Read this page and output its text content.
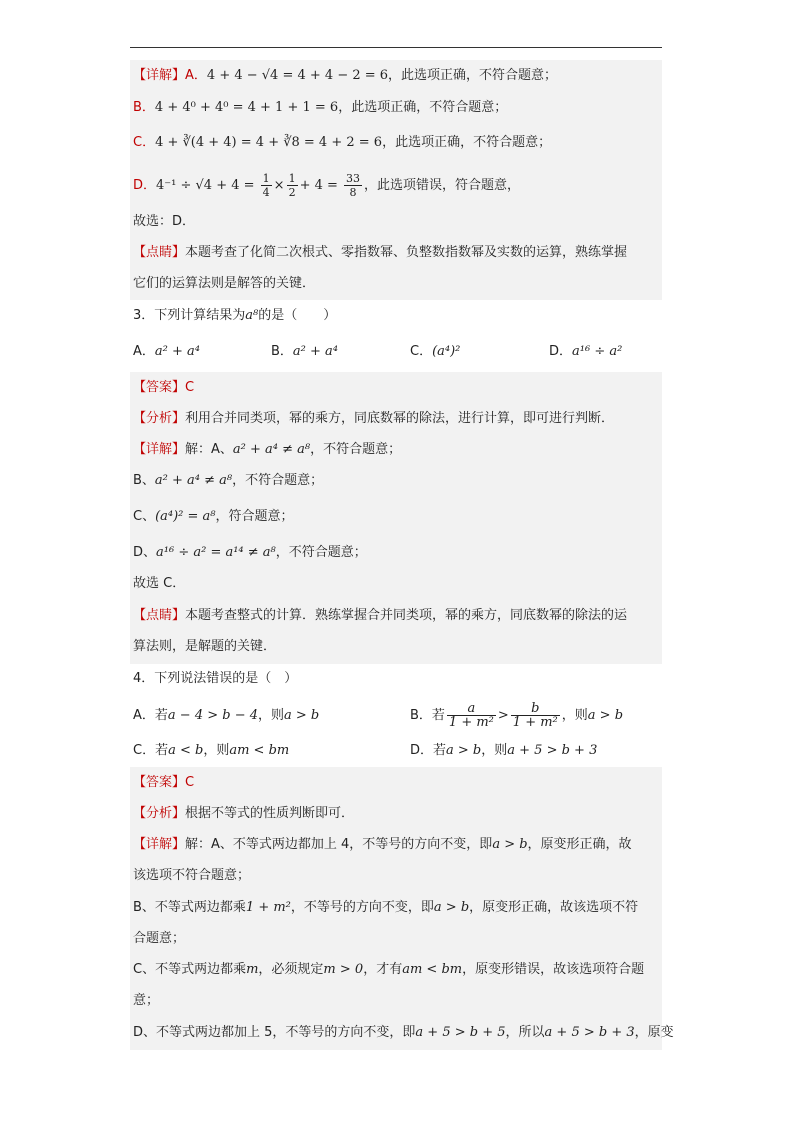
【详解】A．4 + 4 − √4 = 4 + 4 − 2 = 6，此选项正确，不符合题意；
B．4 + 4⁰ + 4⁰ = 4 + 1 + 1 = 6，此选项正确，不符合题意；
C．4 + ∛(4 + 4) = 4 + ∛8 = 4 + 2 = 6，此选项正确，不符合题意；
D．$4^{-1} \div √4 + 4 = \frac{1}{4} \times \frac{1}{2} + 4 = \frac{33}{8}$ ，此选项错误，符合题意，
故选：D．
【点睛】本题考查了化简二次根式、零指数幂、负整数指数幂及实数的运算，熟练掌握
它们的运算法则是解答的关键．
3．下列计算结果为a⁸的是（　　）
A．a² + a⁴	B．a² + a⁴	C．(a⁴)²	D．a¹⁶ ÷ a²
【答案】C
【分析】利用合并同类项，幂的乘方，同底数幂的除法，进行计算，即可进行判断．
【详解】解：A、a² + a⁴ ≠ a⁸，不符合题意；
B、a² + a⁴ ≠ a⁸，不符合题意；
C、(a⁴)² = a⁸，符合题意；
D、a¹⁶ ÷ a² = a¹⁴ ≠ a⁸，不符合题意；
故选 C．
【点睛】本题考查整式的计算．熟练掌握合并同类项，幂的乘方，同底数幂的除法的运
算法则，是解题的关键．
4．下列说法错误的是（　）
A．若a − 4 > b − 4，则a > b	B．若 $\frac{a}{\text{1 + m²}} > \frac{b}{\text{1 + m²}}$ ，则a > b
C．若a < b，则am < bm	D．若a > b，则a + 5 > b + 3
【答案】C
【分析】根据不等式的性质判断即可．
【详解】解：A、不等式两边都加上 4，不等号的方向不变，即a > b，原变形正确，故
该选项不符合题意；
B、不等式两边都乘1 + m²，不等号的方向不变，即a > b，原变形正确，故该选项不符
合题意；
C、不等式两边都乘m，必须规定m > 0，才有am < bm，原变形错误，故该选项符合题
意；
D、不等式两边都加上 5，不等号的方向不变，即a + 5 > b + 5，所以a + 5 > b + 3，原变
